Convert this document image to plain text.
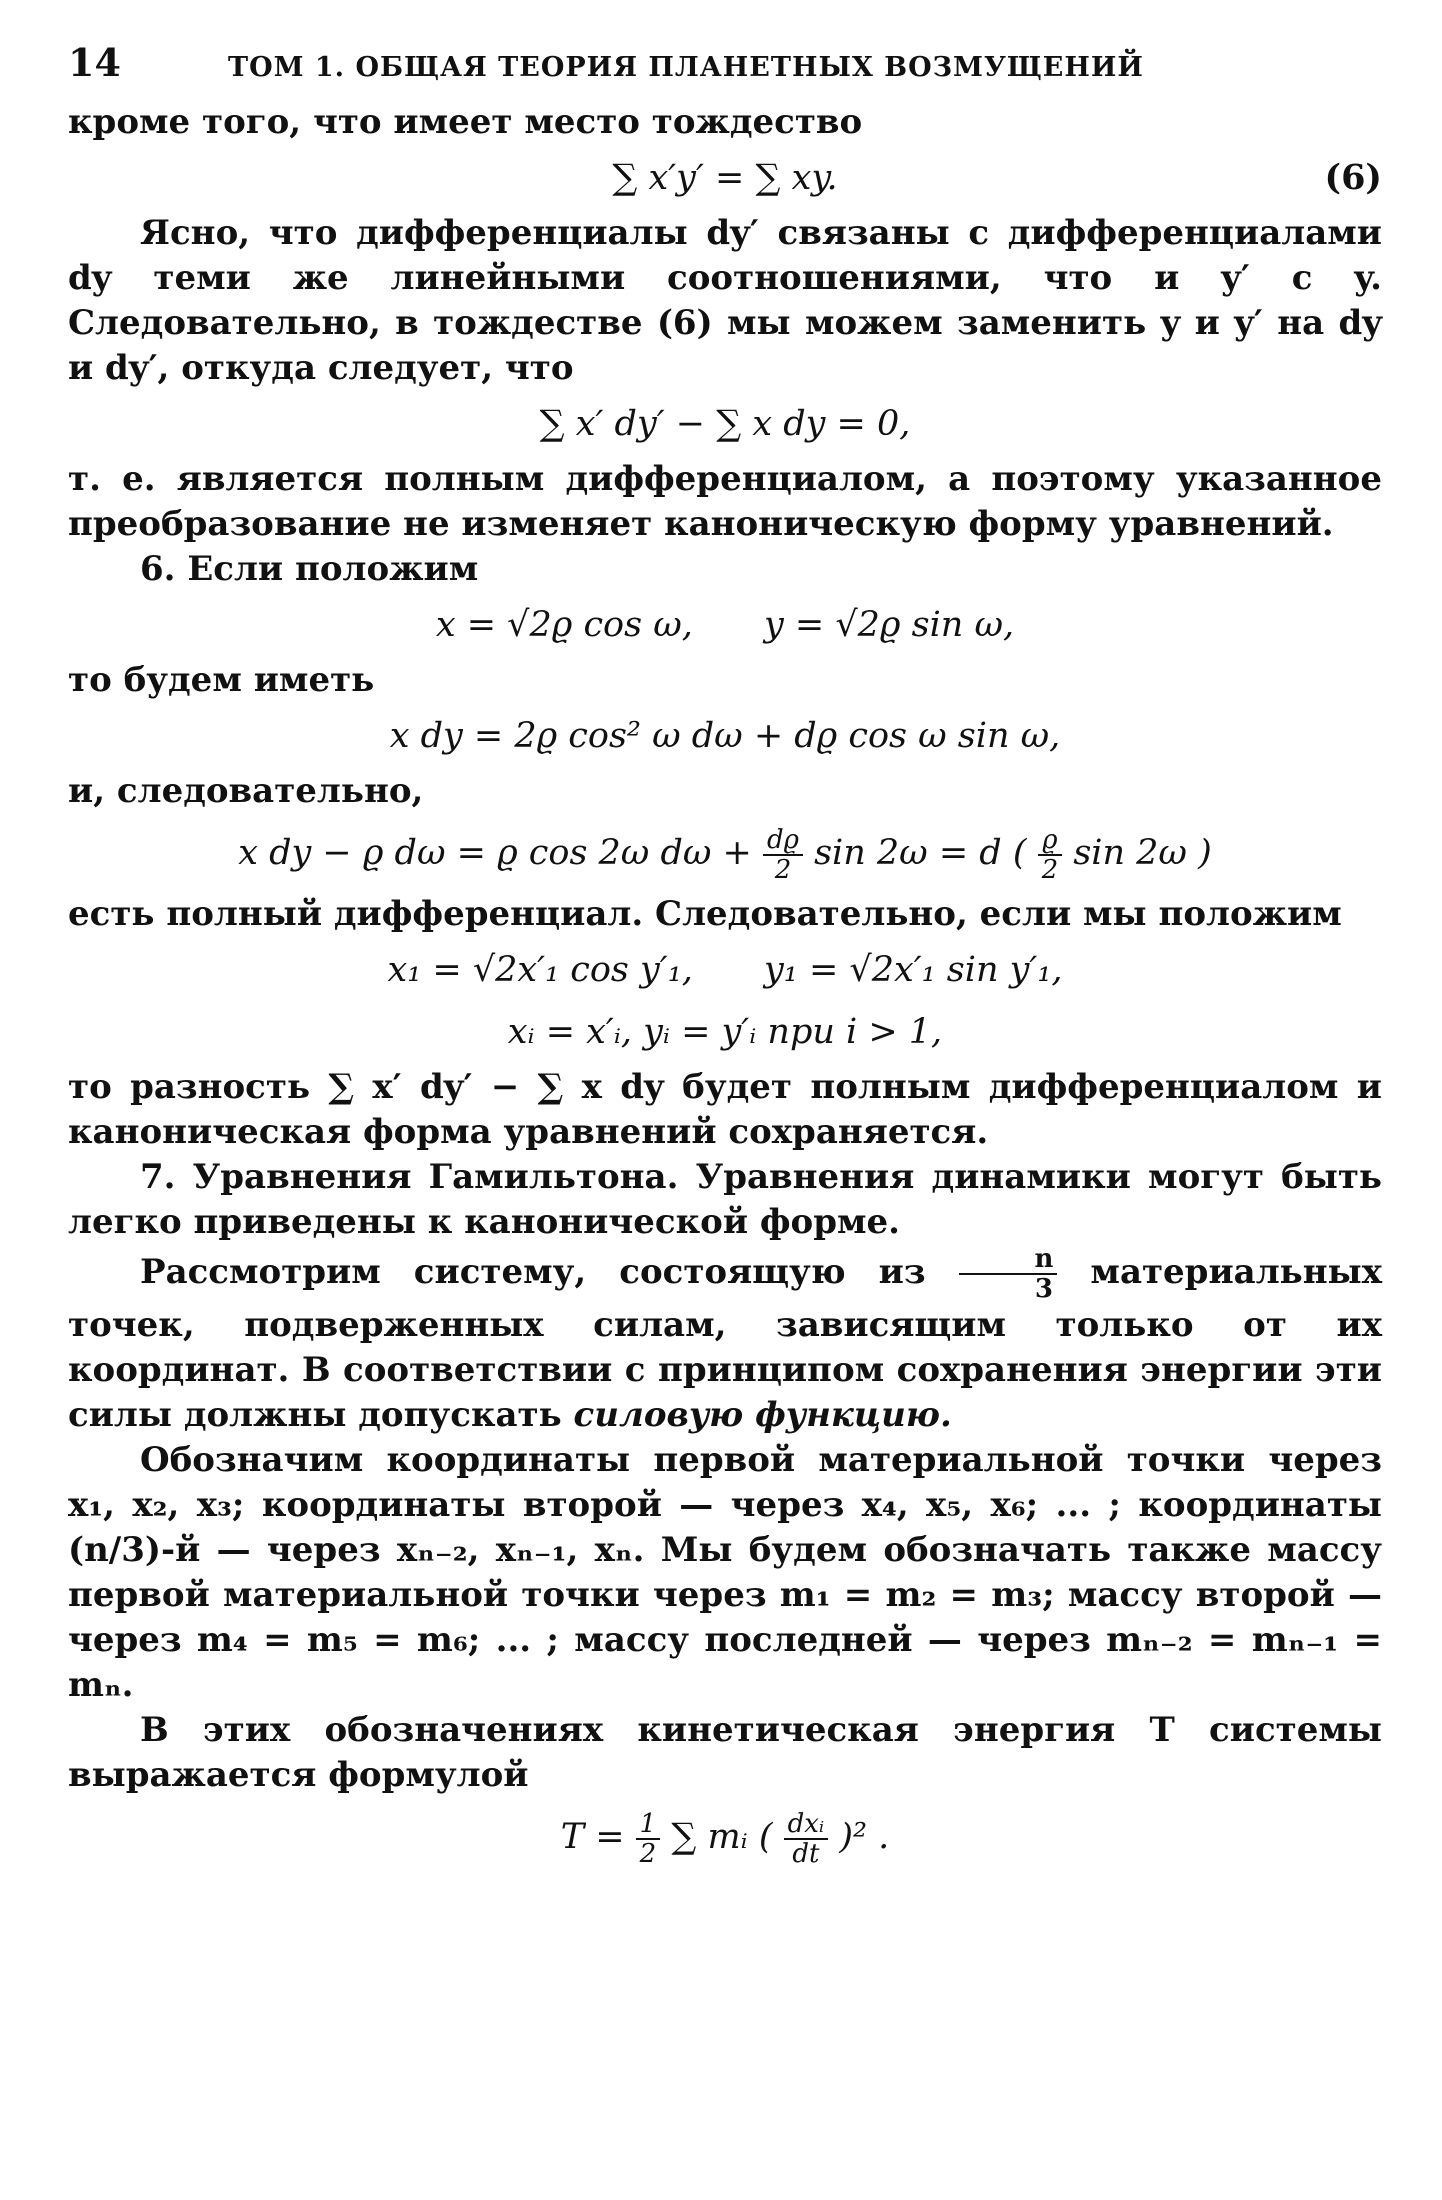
14	ТОМ 1. ОБЩАЯ ТЕОРИЯ ПЛАНЕТНЫХ ВОЗМУЩЕНИЙ

кроме того, что имеет место тождество

∑ x′y′ = ∑ xy.	(6)

Ясно, что дифференциалы dy′ связаны с дифференциалами dy теми же линейными соотношениями, что и y′ с y. Следовательно, в тождестве (6) мы можем заменить y и y′ на dy и dy′, откуда следует, что

∑ x′ dy′ − ∑ x dy = 0,

т. е. является полным дифференциалом, а поэтому указанное преобразование не изменяет каноническую форму уравнений.

6. Если положим

x = √2ϱ cos ω, y = √2ϱ sin ω,

то будем иметь

x dy = 2ϱ cos² ω dω + dϱ cos ω sin ω,

и, следовательно,

x dy − ϱ dω = ϱ cos 2ω $d\omega + \frac{dϱ}{2}$ sin 2ω = d ( $\frac{ϱ}{2}$ sin 2ω )

есть полный дифференциал. Следовательно, если мы положим

x₁ = √2x′₁ cos y′₁, y₁ = √2x′₁ sin y′₁,
xᵢ = x′ᵢ, yᵢ = y′ᵢ при i > 1,

то разность ∑ x′ dy′ − ∑ x dy будет полным дифференциалом и каноническая форма уравнений сохраняется.

7. Уравнения Гамильтона. Уравнения динамики могут быть легко приведены к канонической форме.

Рассмотрим систему, состоящую из $\frac{n}{3}$ материальных точек, подверженных силам, зависящим только от их координат. В соответствии с принципом сохранения энергии эти силы должны допускать силовую функцию.

Обозначим координаты первой материальной точки через x₁, x₂, x₃; координаты второй — через x₄, x₅, x₆; ... ; координаты (n/3)-й — через xₙ₋₂, xₙ₋₁, xₙ. Мы будем обозначать также массу первой материальной точки через m₁ = m₂ = m₃; массу второй — через m₄ = m₅ = m₆; ... ; массу последней — через mₙ₋₂ = mₙ₋₁ = mₙ.

В этих обозначениях кинетическая энергия T системы выражается формулой

$T = \frac{1}{2}$ ∑ mᵢ ( $\frac{\text{dxᵢ}}{dt} )^2$ .
